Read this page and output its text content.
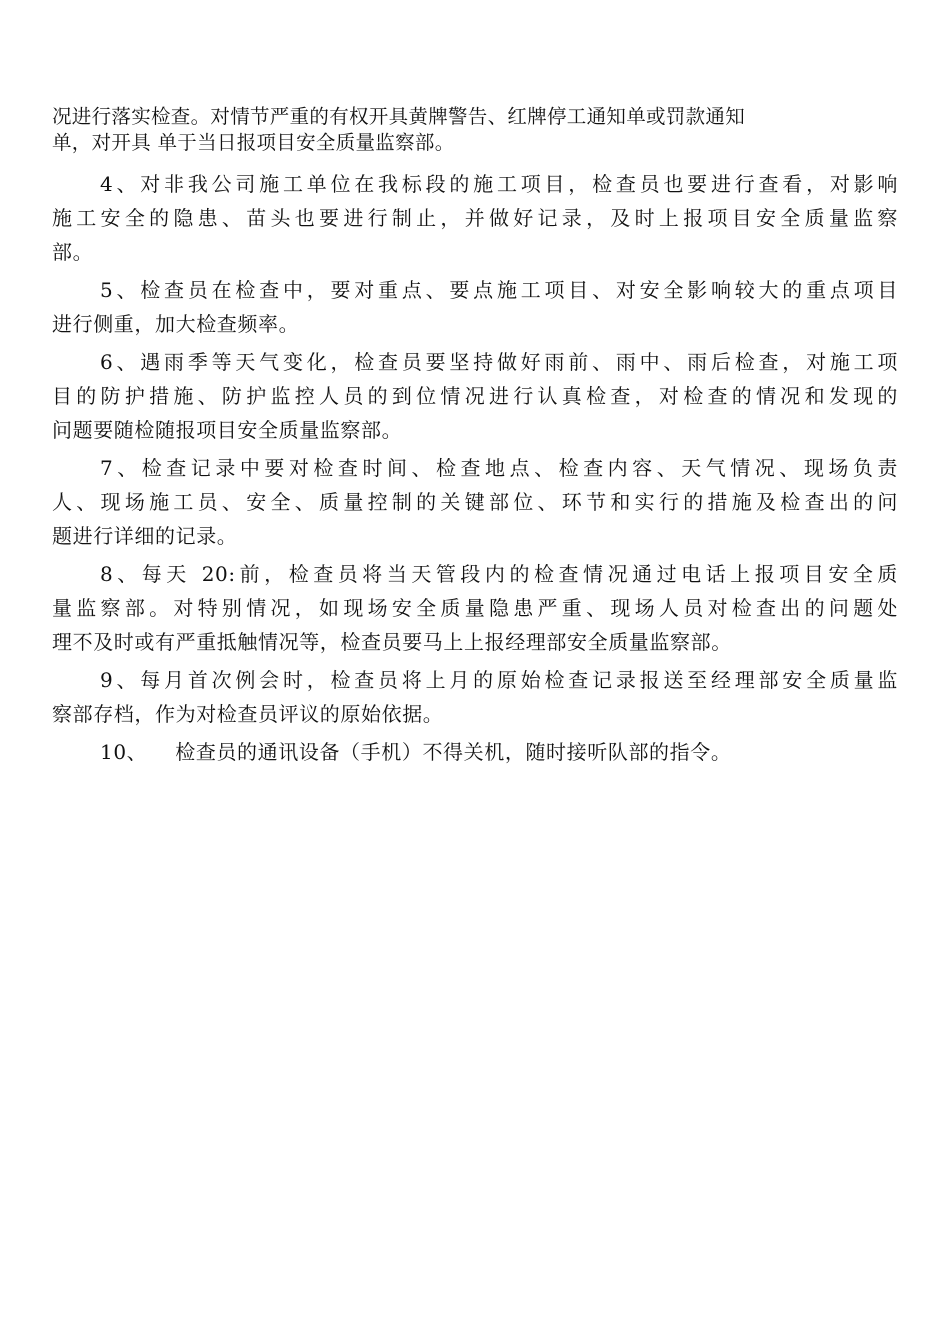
况进行落实检查。对情节严重的有权开具黄牌警告、红牌停工通知单或罚款通知
单，对开具 单于当日报项目安全质量监察部。
4、对非我公司施工单位在我标段的施工项目，检查员也要进行查看，对影响
施工安全的隐患、苗头也要进行制止，并做好记录，及时上报项目安全质量监察
部。
5、检查员在检查中，要对重点、要点施工项目、对安全影响较大的重点项目
进行侧重，加大检查频率。
6、遇雨季等天气变化，检查员要坚持做好雨前、雨中、雨后检查，对施工项
目的防护措施、防护监控人员的到位情况进行认真检查，对检查的情况和发现的
问题要随检随报项目安全质量监察部。
7、检查记录中要对检查时间、检查地点、检查内容、天气情况、现场负责
人、现场施工员、安全、质量控制的关键部位、环节和实行的措施及检查出的问
题进行详细的记录。
8、每天 20:前，检查员将当天管段内的检查情况通过电话上报项目安全质
量监察部。对特别情况，如现场安全质量隐患严重、现场人员对检查出的问题处
理不及时或有严重抵触情况等，检查员要马上上报经理部安全质量监察部。
9、每月首次例会时，检查员将上月的原始检查记录报送至经理部安全质量监
察部存档，作为对检查员评议的原始依据。
10、 检查员的通讯设备（手机）不得关机，随时接听队部的指令。
